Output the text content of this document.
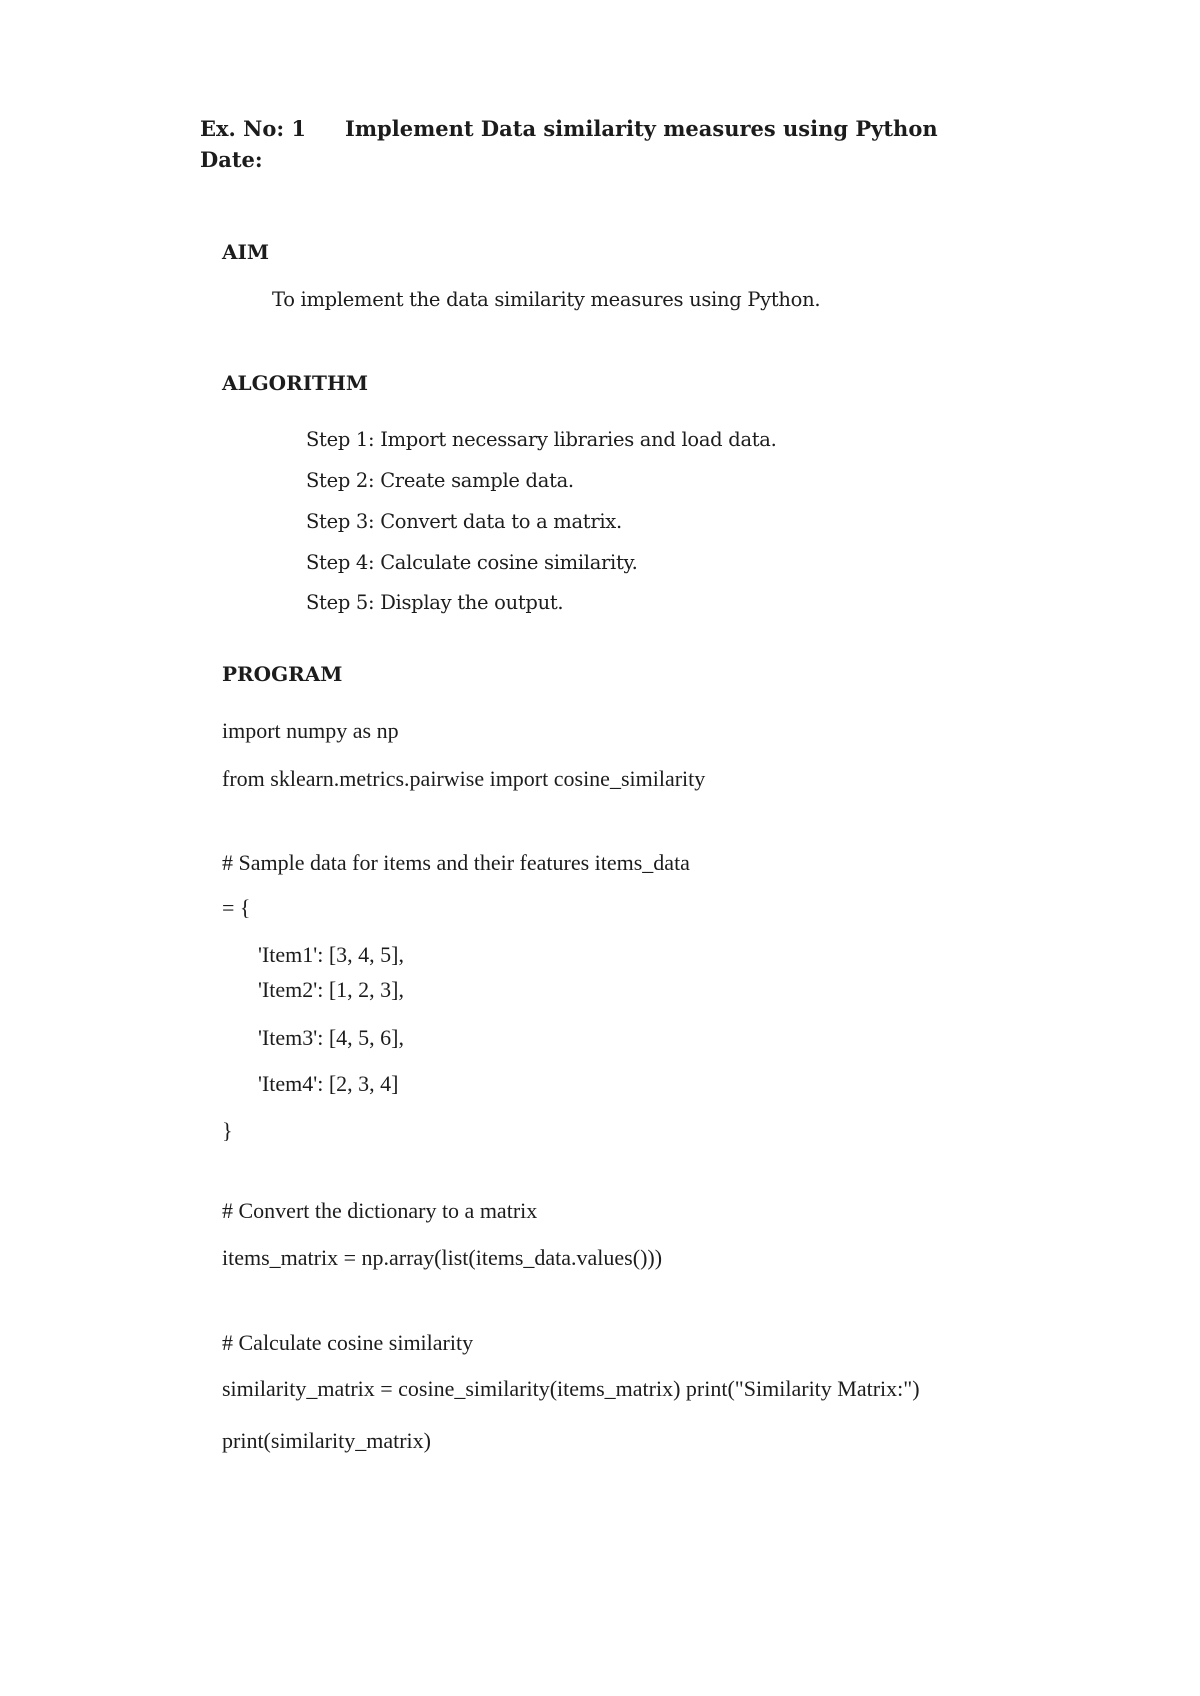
Ex. No: 1 Implement Data similarity measures using Python
Date:
AIM
To implement the data similarity measures using Python.
ALGORITHM
Step 1: Import necessary libraries and load data.
Step 2: Create sample data.
Step 3: Convert data to a matrix.
Step 4: Calculate cosine similarity.
Step 5: Display the output.
PROGRAM
import numpy as np
from sklearn.metrics.pairwise import cosine_similarity
# Sample data for items and their features items_data
= {
'Item1': [3, 4, 5],
'Item2': [1, 2, 3],
'Item3': [4, 5, 6],
'Item4': [2, 3, 4]
}
# Convert the dictionary to a matrix
items_matrix = np.array(list(items_data.values()))
# Calculate cosine similarity
similarity_matrix = cosine_similarity(items_matrix) print("Similarity Matrix:")
print(similarity_matrix)
